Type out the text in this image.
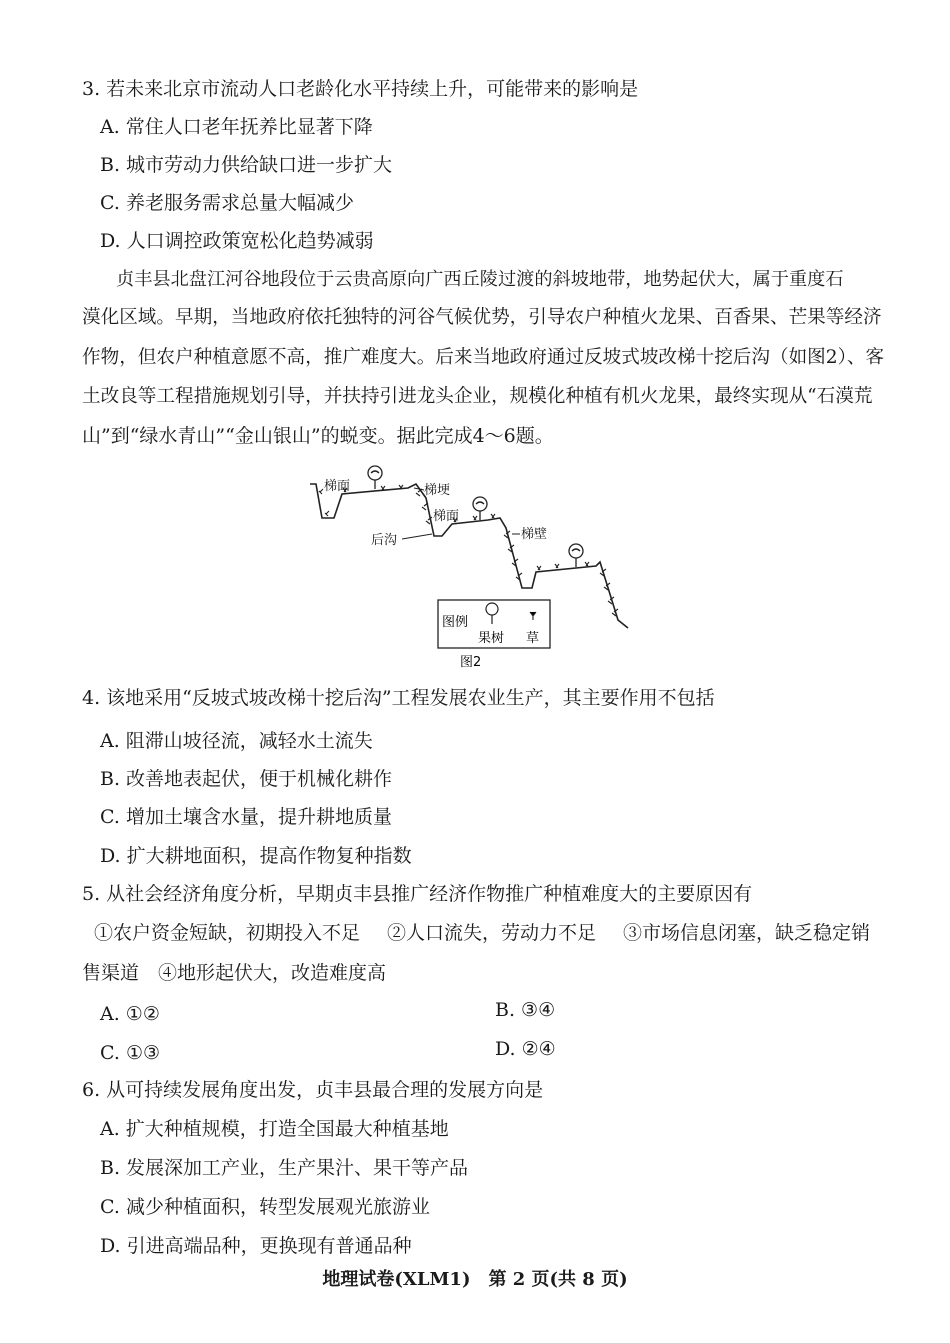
3. 若未来北京市流动人口老龄化水平持续上升，可能带来的影响是
A. 常住人口老年抚养比显著下降
B. 城市劳动力供给缺口进一步扩大
C. 养老服务需求总量大幅减少
D. 人口调控政策宽松化趋势减弱
贞丰县北盘江河谷地段位于云贵高原向广西丘陵过渡的斜坡地带，地势起伏大，属于重度石
漠化区域。早期，当地政府依托独特的河谷气候优势，引导农户种植火龙果、百香果、芒果等经济
作物，但农户种植意愿不高，推广难度大。后来当地政府通过反坡式坡改梯十挖后沟（如图2）、客
土改良等工程措施规划引导，并扶持引进龙头企业，规模化种植有机火龙果，最终实现从“石漠荒
山”到“绿水青山”“金山银山”的蜕变。据此完成4～6题。
梯面	梯埂
梯面
后沟	梯壁
图例
果树 草
图2
4. 该地采用“反坡式坡改梯十挖后沟”工程发展农业生产，其主要作用不包括
A. 阻滞山坡径流，减轻水土流失
B. 改善地表起伏，便于机械化耕作
C. 增加土壤含水量，提升耕地质量
D. 扩大耕地面积，提高作物复种指数
5. 从社会经济角度分析，早期贞丰县推广经济作物推广种植难度大的主要原因有
①农户资金短缺，初期投入不足 ②人口流失，劳动力不足 ③市场信息闭塞，缺乏稳定销
售渠道　④地形起伏大，改造难度高
A. ①②	B. ③④
C. ①③	D. ②④
6. 从可持续发展角度出发，贞丰县最合理的发展方向是
A. 扩大种植规模，打造全国最大种植基地
B. 发展深加工产业，生产果汁、果干等产品
C. 减少种植面积，转型发展观光旅游业
D. 引进高端品种，更换现有普通品种
地理试卷(XLM1)　第 2 页(共 8 页)
